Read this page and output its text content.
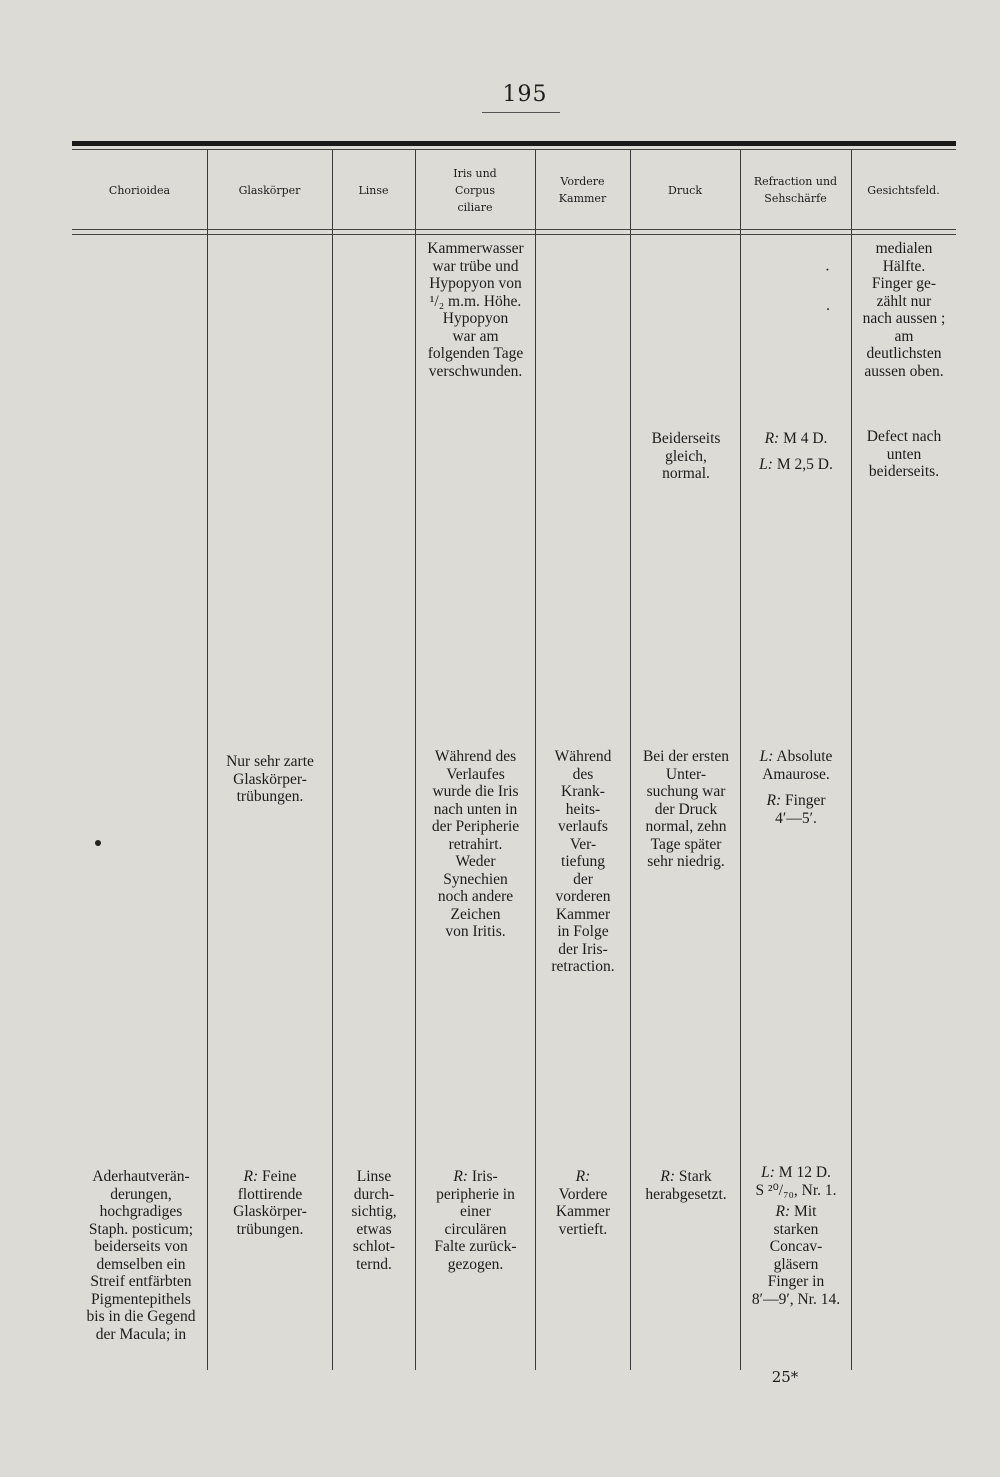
195
Chorioidea	Glaskörper	Linse
Iris und
Corpus
ciliare
Vordere
Kammer
Druck
Refraction und
Sehschärfe
Gesichtsfeld.
Kammerwasser
war trübe und
Hypopyon von
¹/₂ m.m. Höhe.
Hypopyon
war am
folgenden Tage
verschwunden.
·

.
medialen
Hälfte.
Finger ge-
zählt nur
nach aussen ;
am
deutlichsten
aussen oben.
Beiderseits
gleich,
normal.
R: M 4 D.
L: M 2,5 D.
Defect nach
unten
beiderseits.
Nur sehr zarte
Glaskörper-
trübungen.
Während des
Verlaufes
wurde die Iris
nach unten in
der Peripherie
retrahirt.
Weder
Synechien
noch andere
Zeichen
von Iritis.
Während
des
Krank-
heits-
verlaufs
Ver-
tiefung
der
vorderen
Kammer
in Folge
der Iris-
retraction.
Bei der ersten
Unter-
suchung war
der Druck
normal, zehn
Tage später
sehr niedrig.
L: Absolute
Amaurose.
R: Finger
4′—5′.
Aderhautverän-
derungen,
hochgradiges
Staph. posticum;
beiderseits von
demselben ein
Streif entfärbten
Pigmentepithels
bis in die Gegend
der Macula; in
R: Feine
flottirende
Glaskörper-
trübungen.
Linse
durch-
sichtig,
etwas
schlot-
ternd.
R: Iris-
peripherie in
einer
circulären
Falte zurück-
gezogen.
R:
Vordere
Kammer
vertieft.
R: Stark
herabgesetzt.
L: M 12 D.
S ²⁰/₇₀, Nr. 1.
R: Mit
starken
Concav-
gläsern
Finger in
8′—9′, Nr. 14.
25*
